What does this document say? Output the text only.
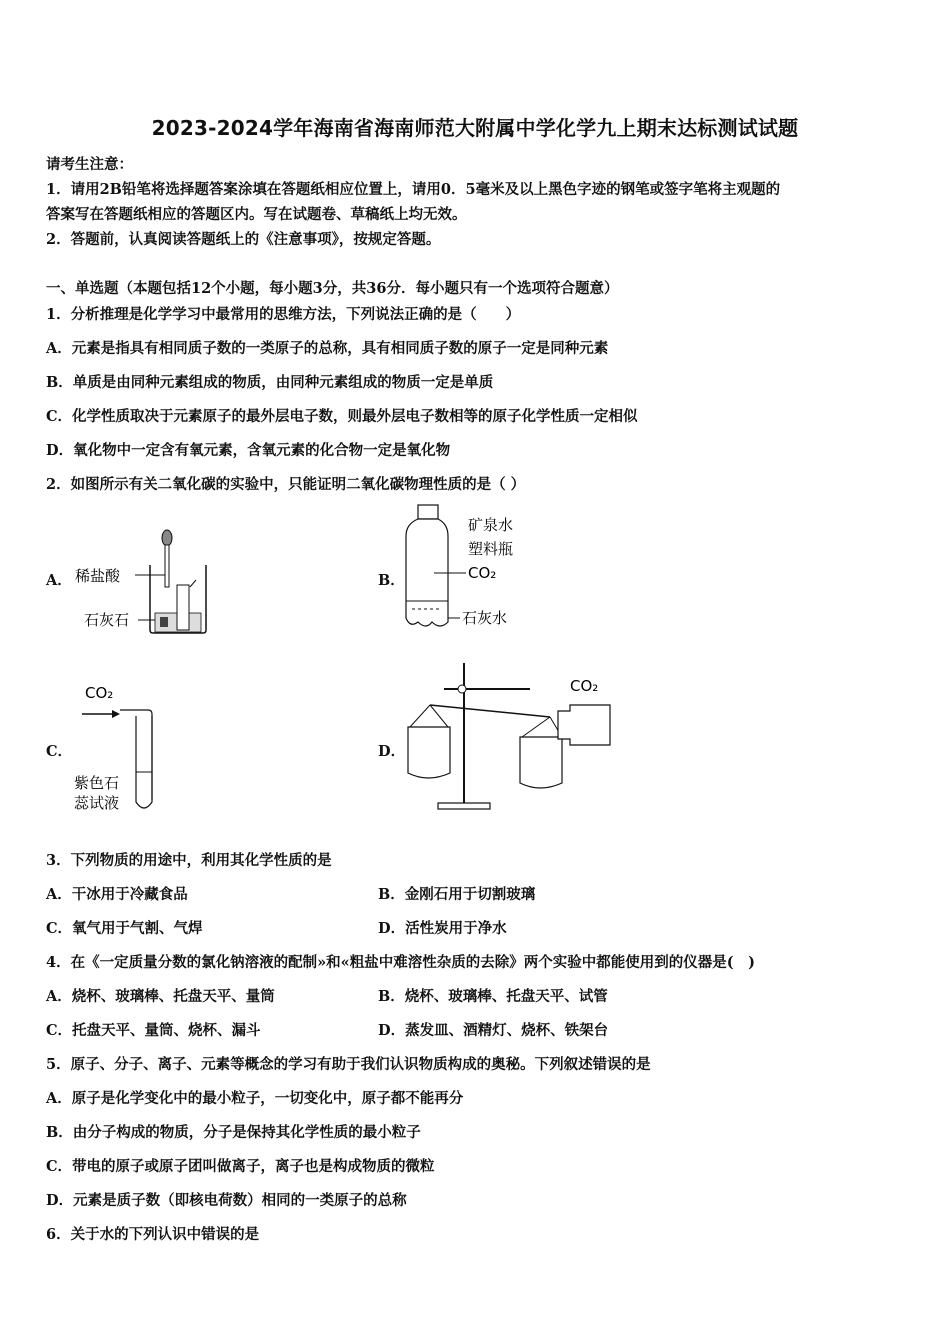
2023-2024学年海南省海南师范大附属中学化学九上期末达标测试试题
请考生注意：
1．请用2B铅笔将选择题答案涂填在答题纸相应位置上，请用0．5毫米及以上黑色字迹的钢笔或签字笔将主观题的
答案写在答题纸相应的答题区内。写在试题卷、草稿纸上均无效。
2．答题前，认真阅读答题纸上的《注意事项》，按规定答题。
一、单选题（本题包括12个小题，每小题3分，共36分．每小题只有一个选项符合题意）
1．分析推理是化学学习中最常用的思维方法，下列说法正确的是（　　）
A．元素是指具有相同质子数的一类原子的总称，具有相同质子数的原子一定是同种元素
B．单质是由同种元素组成的物质，由同种元素组成的物质一定是单质
C．化学性质取决于元素原子的最外层电子数，则最外层电子数相等的原子化学性质一定相似
D．氧化物中一定含有氧元素，含氧元素的化合物一定是氧化物
2．如图所示有关二氧化碳的实验中，只能证明二氧化碳物理性质的是（ ）
A．	B．
C．	D．
稀盐酸
石灰石
矿泉水
塑料瓶
CO₂
石灰水
CO₂
紫色石
蕊试液
CO₂
3．下列物质的用途中，利用其化学性质的是
A．干冰用于冷藏食品	B．金刚石用于切割玻璃
C．氧气用于气割、气焊	D．活性炭用于净水
4．在《一定质量分数的氯化钠溶液的配制»和«粗盐中难溶性杂质的去除》两个实验中都能使用到的仪器是(　)
A．烧杯、玻璃棒、托盘天平、量筒	B．烧杯、玻璃棒、托盘天平、试管
C．托盘天平、量筒、烧杯、漏斗	D．蒸发皿、酒精灯、烧杯、铁架台
5．原子、分子、离子、元素等概念的学习有助于我们认识物质构成的奥秘。下列叙述错误的是
A．原子是化学变化中的最小粒子，一切变化中，原子都不能再分
B．由分子构成的物质，分子是保持其化学性质的最小粒子
C．带电的原子或原子团叫做离子，离子也是构成物质的微粒
D．元素是质子数（即核电荷数）相同的一类原子的总称
6．关于水的下列认识中错误的是
